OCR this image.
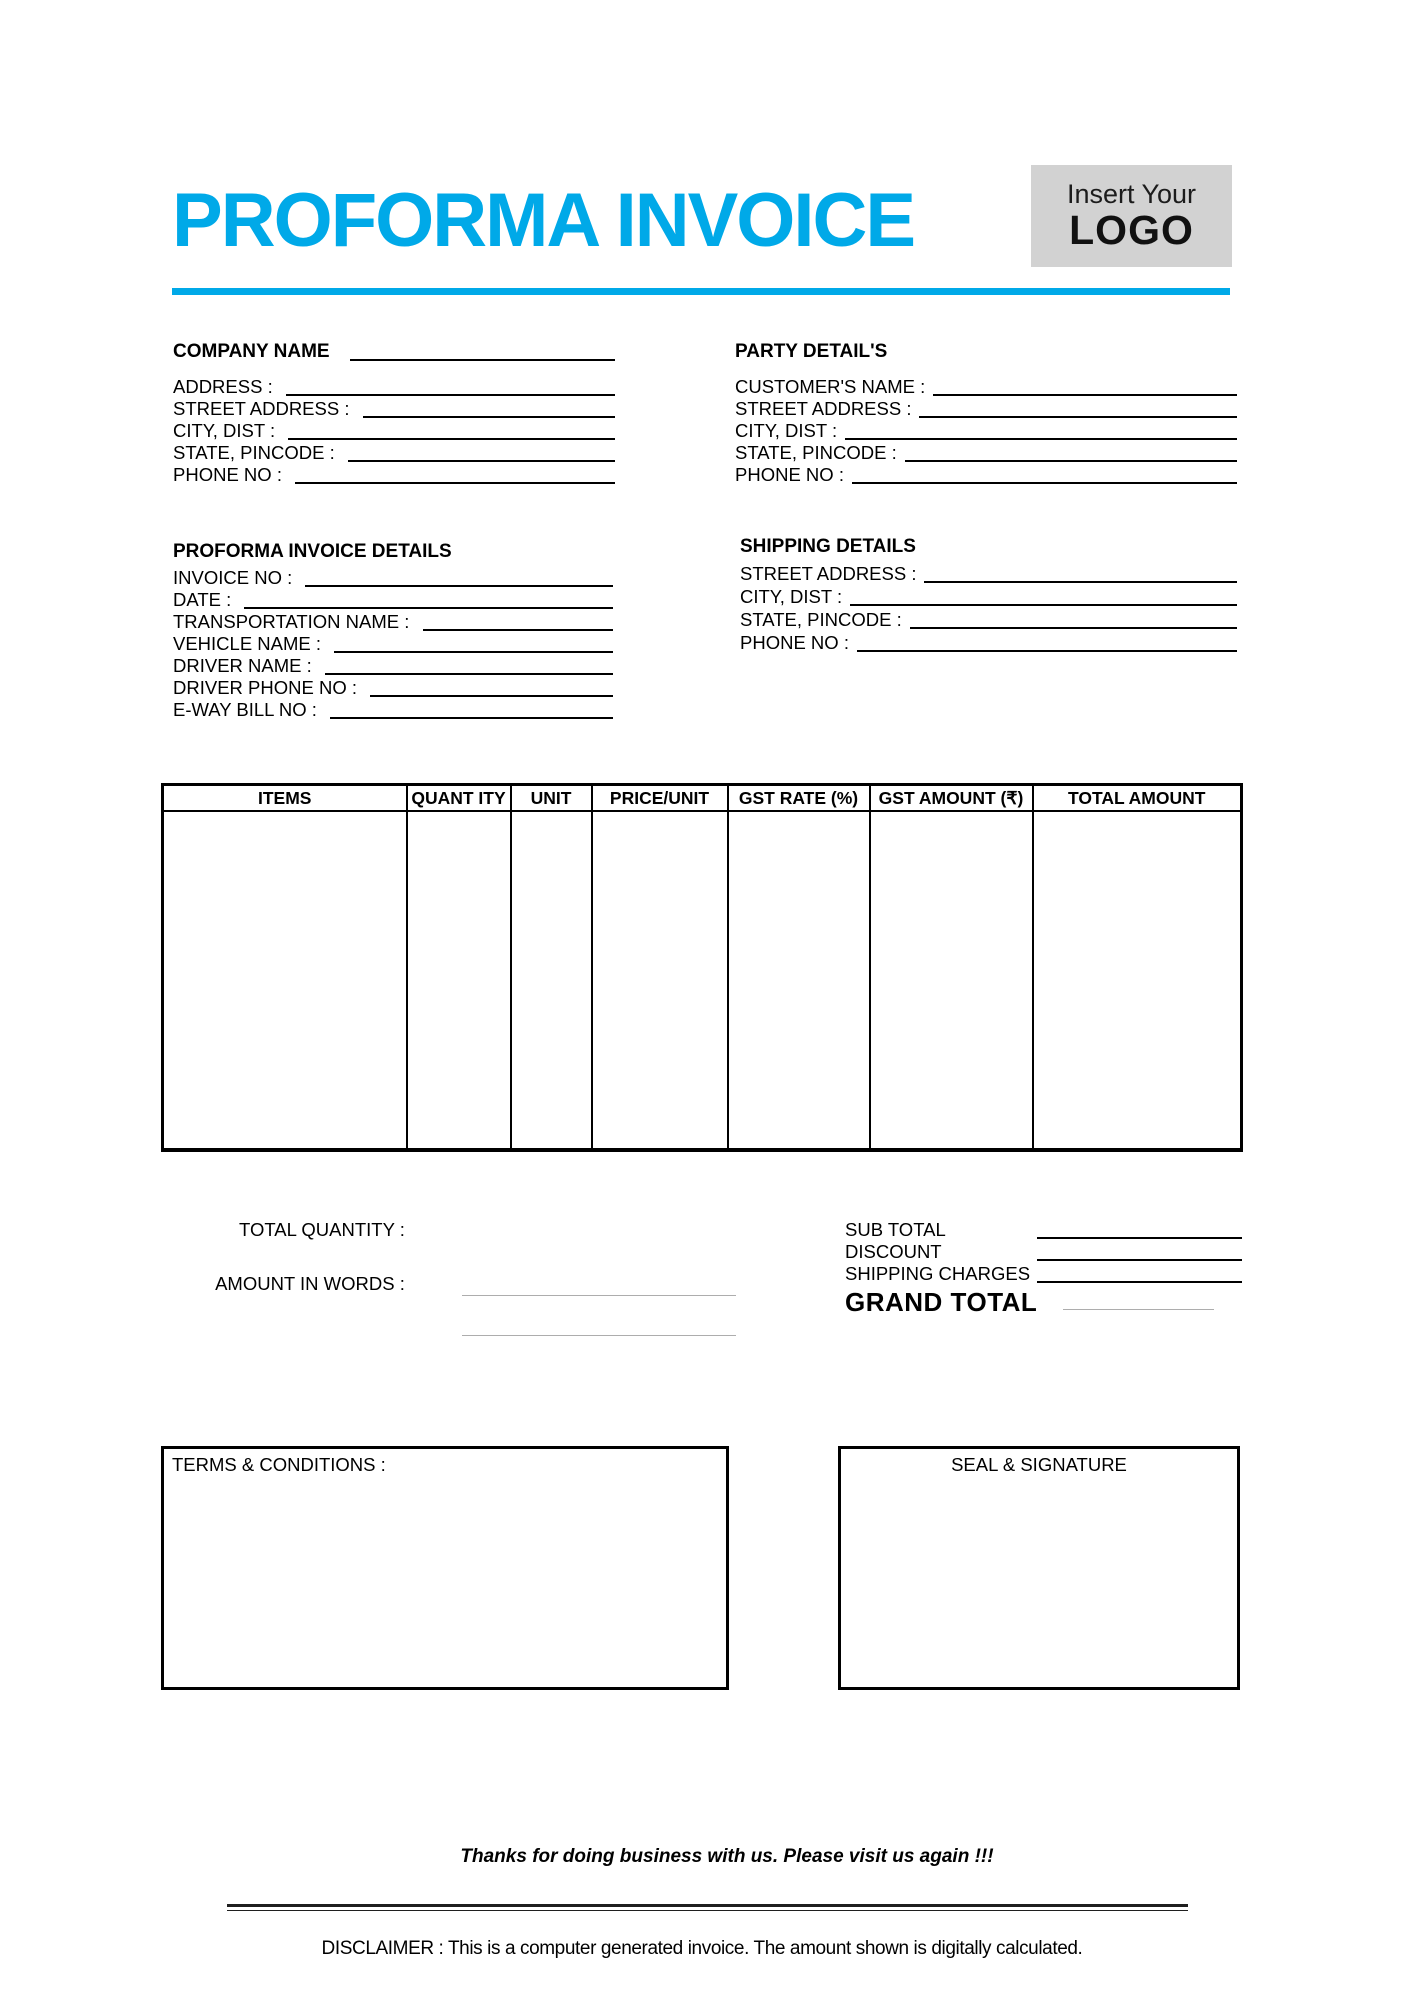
PROFORMA INVOICE	Insert Your
LOGO
COMPANY NAME
ADDRESS :
STREET ADDRESS :
CITY, DIST :
STATE, PINCODE :
PHONE NO :
PARTY DETAIL'S
CUSTOMER'S NAME :
STREET ADDRESS :
CITY, DIST :
STATE, PINCODE :
PHONE NO :
PROFORMA INVOICE DETAILS
INVOICE NO :
DATE :
TRANSPORTATION NAME :
VEHICLE NAME :
DRIVER NAME :
DRIVER PHONE NO :
E-WAY BILL NO :
SHIPPING DETAILS
STREET ADDRESS :
CITY, DIST :
STATE, PINCODE :
PHONE NO :
ITEMS	QUANT ITY	UNIT	PRICE/UNIT	GST RATE (%)	GST AMOUNT (₹)	TOTAL AMOUNT

TOTAL QUANTITY :
AMOUNT IN WORDS :
SUB TOTAL
DISCOUNT
SHIPPING CHARGES
GRAND TOTAL
TERMS & CONDITIONS :	SEAL & SIGNATURE
Thanks for doing business with us. Please visit us again !!!
DISCLAIMER : This is a computer generated invoice. The amount shown is digitally calculated.
